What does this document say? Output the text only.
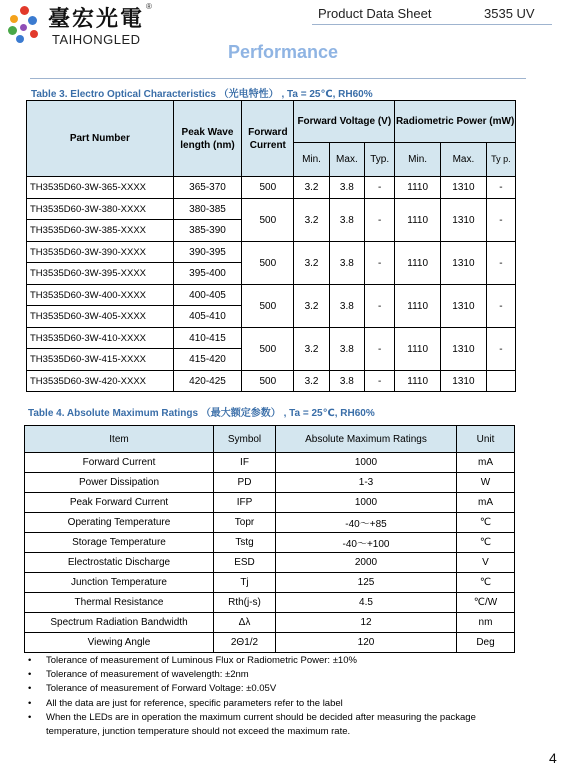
臺宏光電 ®
TAIHONGLED
Product Data Sheet	3535 UV
Performance
Table 3. Electro Optical Characteristics （光电特性） , Ta = 25℃, RH60%
Part Number	Peak Wave length (nm)	Forward Current	Forward Voltage (V)			Radiometric Power (mW)		
			Min.	Max.	Typ.	Min.	Max.	Ty p.
TH3535D60-3W-365-XXXX	365-370	500	3.2	3.8	-	1110	1310	-
TH3535D60-3W-380-XXXX	380-385	500	3.2	3.8	-	1110	1310	-
TH3535D60-3W-385-XXXX	385-390							
TH3535D60-3W-390-XXXX	390-395	500	3.2	3.8	-	1110	1310	-
TH3535D60-3W-395-XXXX	395-400							
TH3535D60-3W-400-XXXX	400-405	500	3.2	3.8	-	1110	1310	-
TH3535D60-3W-405-XXXX	405-410							
TH3535D60-3W-410-XXXX	410-415	500	3.2	3.8	-	1110	1310	-
TH3535D60-3W-415-XXXX	415-420							
TH3535D60-3W-420-XXXX	420-425	500	3.2	3.8	-	1110	1310	
Table 4. Absolute Maximum Ratings （最大额定参数） , Ta = 25℃, RH60%
Item	Symbol	Absolute Maximum Ratings	Unit
Forward Current	IF	1000	mA
Power Dissipation	PD	1-3	W
Peak Forward Current	IFP	1000	mA
Operating Temperature	Topr	-40～+85	℃
Storage Temperature	Tstg	-40～+100	℃
Electrostatic Discharge	ESD	2000	V
Junction Temperature	Tj	125	℃
Thermal Resistance	Rth(j-s)	4.5	℃/W
Spectrum Radiation Bandwidth	Δλ	12	nm
Viewing Angle	2Θ1/2	120	Deg
• Tolerance of measurement of Luminous Flux or Radiometric Power: ±10%
• Tolerance of measurement of wavelength: ±2nm
• Tolerance of measurement of Forward Voltage: ±0.05V
• All the data are just for reference, specific parameters refer to the label
• When the LEDs are in operation the maximum current should be decided after measuring the package temperature, junction temperature should not exceed the maximum rate.
4
